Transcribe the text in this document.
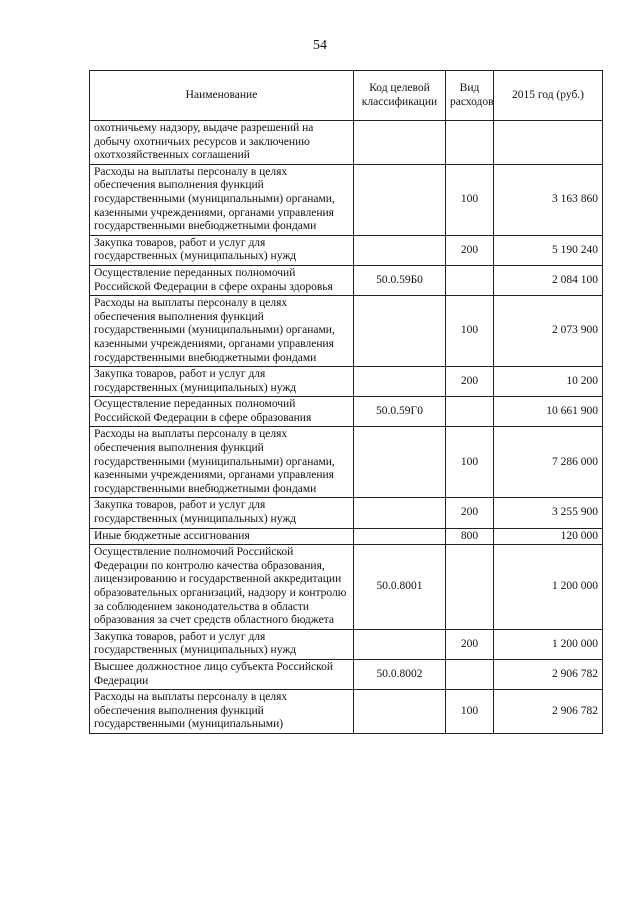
54
Наименование	Код целевой классификации	Вид расходов	2015 год (руб.)
охотничьему надзору, выдаче разрешений на добычу охотничьих ресурсов и заключению охотхозяйственных соглашений			
Расходы на выплаты персоналу в целях обеспечения выполнения функций государственными (муниципальными) органами, казенными учреждениями, органами управления государственными внебюджетными фондами		100	3 163 860
Закупка товаров, работ и услуг для государственных (муниципальных) нужд		200	5 190 240
Осуществление переданных полномочий Российской Федерации в сфере охраны здоровья	50.0.59Б0		2 084 100
Расходы на выплаты персоналу в целях обеспечения выполнения функций государственными (муниципальными) органами, казенными учреждениями, органами управления государственными внебюджетными фондами		100	2 073 900
Закупка товаров, работ и услуг для государственных (муниципальных) нужд		200	10 200
Осуществление переданных полномочий Российской Федерации в сфере образования	50.0.59Г0		10 661 900
Расходы на выплаты персоналу в целях обеспечения выполнения функций государственными (муниципальными) органами, казенными учреждениями, органами управления государственными внебюджетными фондами		100	7 286 000
Закупка товаров, работ и услуг для государственных (муниципальных) нужд		200	3 255 900
Иные бюджетные ассигнования		800	120 000
Осуществление полномочий Российской Федерации по контролю качества образования, лицензированию и государственной аккредитации образовательных организаций, надзору и контролю за соблюдением законодательства в области образования за счет средств областного бюджета	50.0.8001		1 200 000
Закупка товаров, работ и услуг для государственных (муниципальных) нужд		200	1 200 000
Высшее должностное лицо субъекта Российской Федерации	50.0.8002		2 906 782
Расходы на выплаты персоналу в целях обеспечения выполнения функций государственными (муниципальными)		100	2 906 782
